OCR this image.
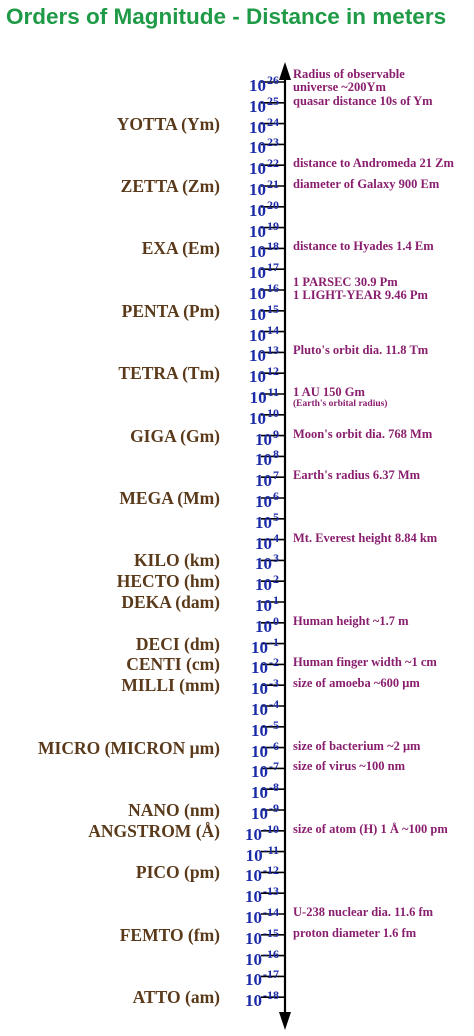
Orders of Magnitude - Distance in meters
$10^{26}$
$10^{25}$
$10^{24}$
$10^{23}$
$10^{22}$
$10^{21}$
$10^{20}$
$10^{19}$
$10^{18}$
$10^{17}$
$10^{16}$
$10^{15}$
$10^{14}$
$10^{13}$
$10^{12}$
$10^{11}$
$10^{10}$
$10^9$
$10^8$
$10^7$
$10^6$
$10^5$
$10^4$
$10^3$
$10^2$
$10^1$
$10^0$
$10^{-1}$
$10^{-2}$
$10^{-3}$
$10^{-4}$
$10^{-5}$
$10^{-6}$
$10^{-7}$
$10^{-8}$
$10^{-9}$
$10^{-10}$
$10^{-11}$
$10^{-12}$
$10^{-13}$
$10^{-14}$
$10^{-15}$
$10^{-16}$
$10^{-17}$
$10^{-18}$
YOTTA (Ym)
ZETTA (Zm)
EXA (Em)
PENTA (Pm)
TETRA (Tm)
GIGA (Gm)
MEGA (Mm)
KILO (km)
HECTO (hm)
DEKA (dam)
DECI (dm)
CENTI (cm)
MILLI (mm)
MICRO (MICRON μm)
NANO (nm)
ANGSTROM (Å)
PICO (pm)
FEMTO (fm)
ATTO (am)
Radius of observable
universe ~200Ym
quasar distance 10s of Ym
distance to Andromeda 21 Zm
diameter of Galaxy 900 Em
distance to Hyades 1.4 Em
1 PARSEC 30.9 Pm
1 LIGHT-YEAR 9.46 Pm
Pluto's orbit dia. 11.8 Tm
1 AU 150 Gm
(Earth's orbital radius)
Moon's orbit dia. 768 Mm
Earth's radius 6.37 Mm
Mt. Everest height 8.84 km
Human height ~1.7 m
Human finger width ~1 cm
size of amoeba ~600 μm
size of bacterium ~2 μm
size of virus ~100 nm
size of atom (H) 1 Å ~100 pm
U-238 nuclear dia. 11.6 fm
proton diameter 1.6 fm
